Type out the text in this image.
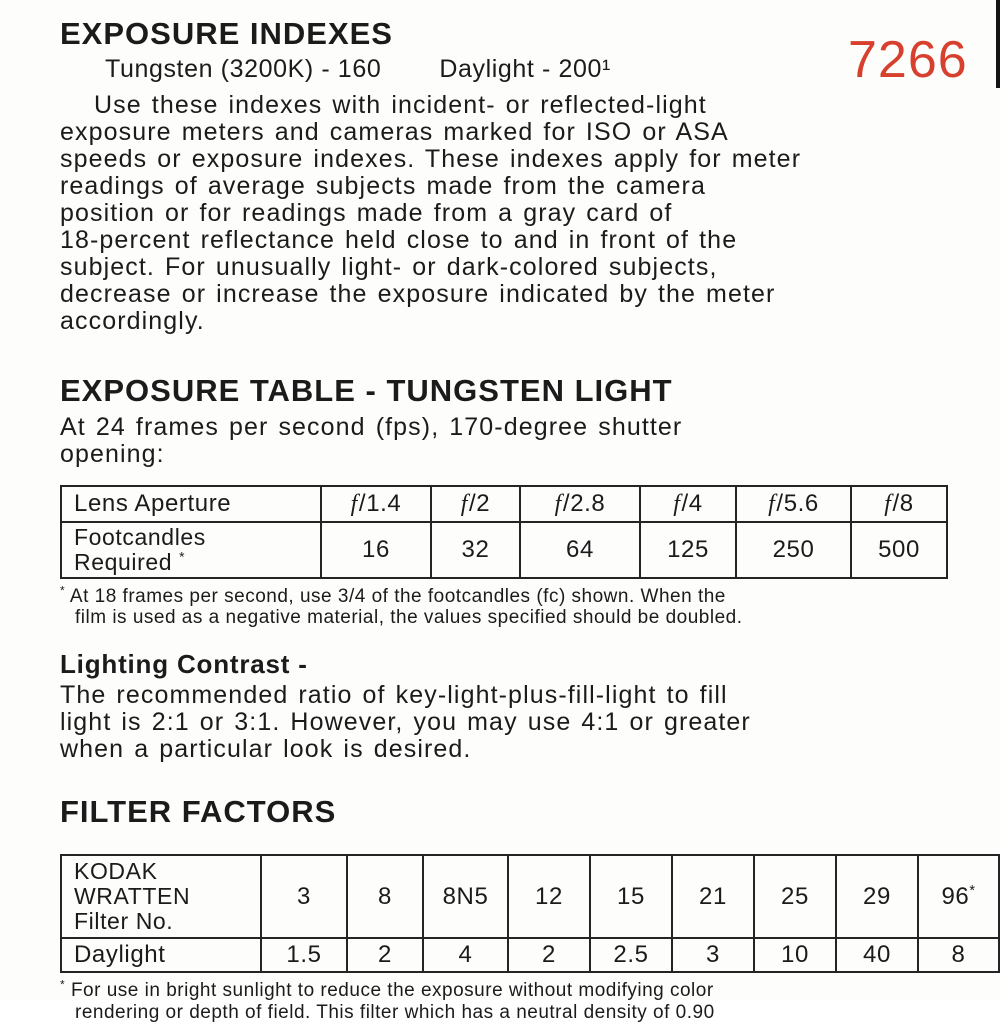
7266
EXPOSURE INDEXES
Tungsten (3200K) - 160 Daylight - 200¹
Use these indexes with incident- or reflected-light
exposure meters and cameras marked for ISO or ASA
speeds or exposure indexes. These indexes apply for meter
readings of average subjects made from the camera
position or for readings made from a gray card of
18-percent reflectance held close to and in front of the
subject. For unusually light- or dark-colored subjects,
decrease or increase the exposure indicated by the meter
accordingly.
EXPOSURE TABLE - TUNGSTEN LIGHT
At 24 frames per second (fps), 170-degree shutter
opening:
Lens Aperture	f/1.4	f/2	f/2.8	f/4	f/5.6	f/8
Footcandles
Required *	16	32	64	125	250	500
* At 18 frames per second, use 3/4 of the footcandles (fc) shown. When the
film is used as a negative material, the values specified should be doubled.
Lighting Contrast -
The recommended ratio of key-light-plus-fill-light to fill
light is 2:1 or 3:1. However, you may use 4:1 or greater
when a particular look is desired.
FILTER FACTORS
KODAK
WRATTEN
Filter No.	3	8	8N5	12	15	21	25	29	96*
Daylight	1.5	2	4	2	2.5	3	10	40	8
* For use in bright sunlight to reduce the exposure without modifying color
rendering or depth of field. This filter which has a neutral density of 0.90
